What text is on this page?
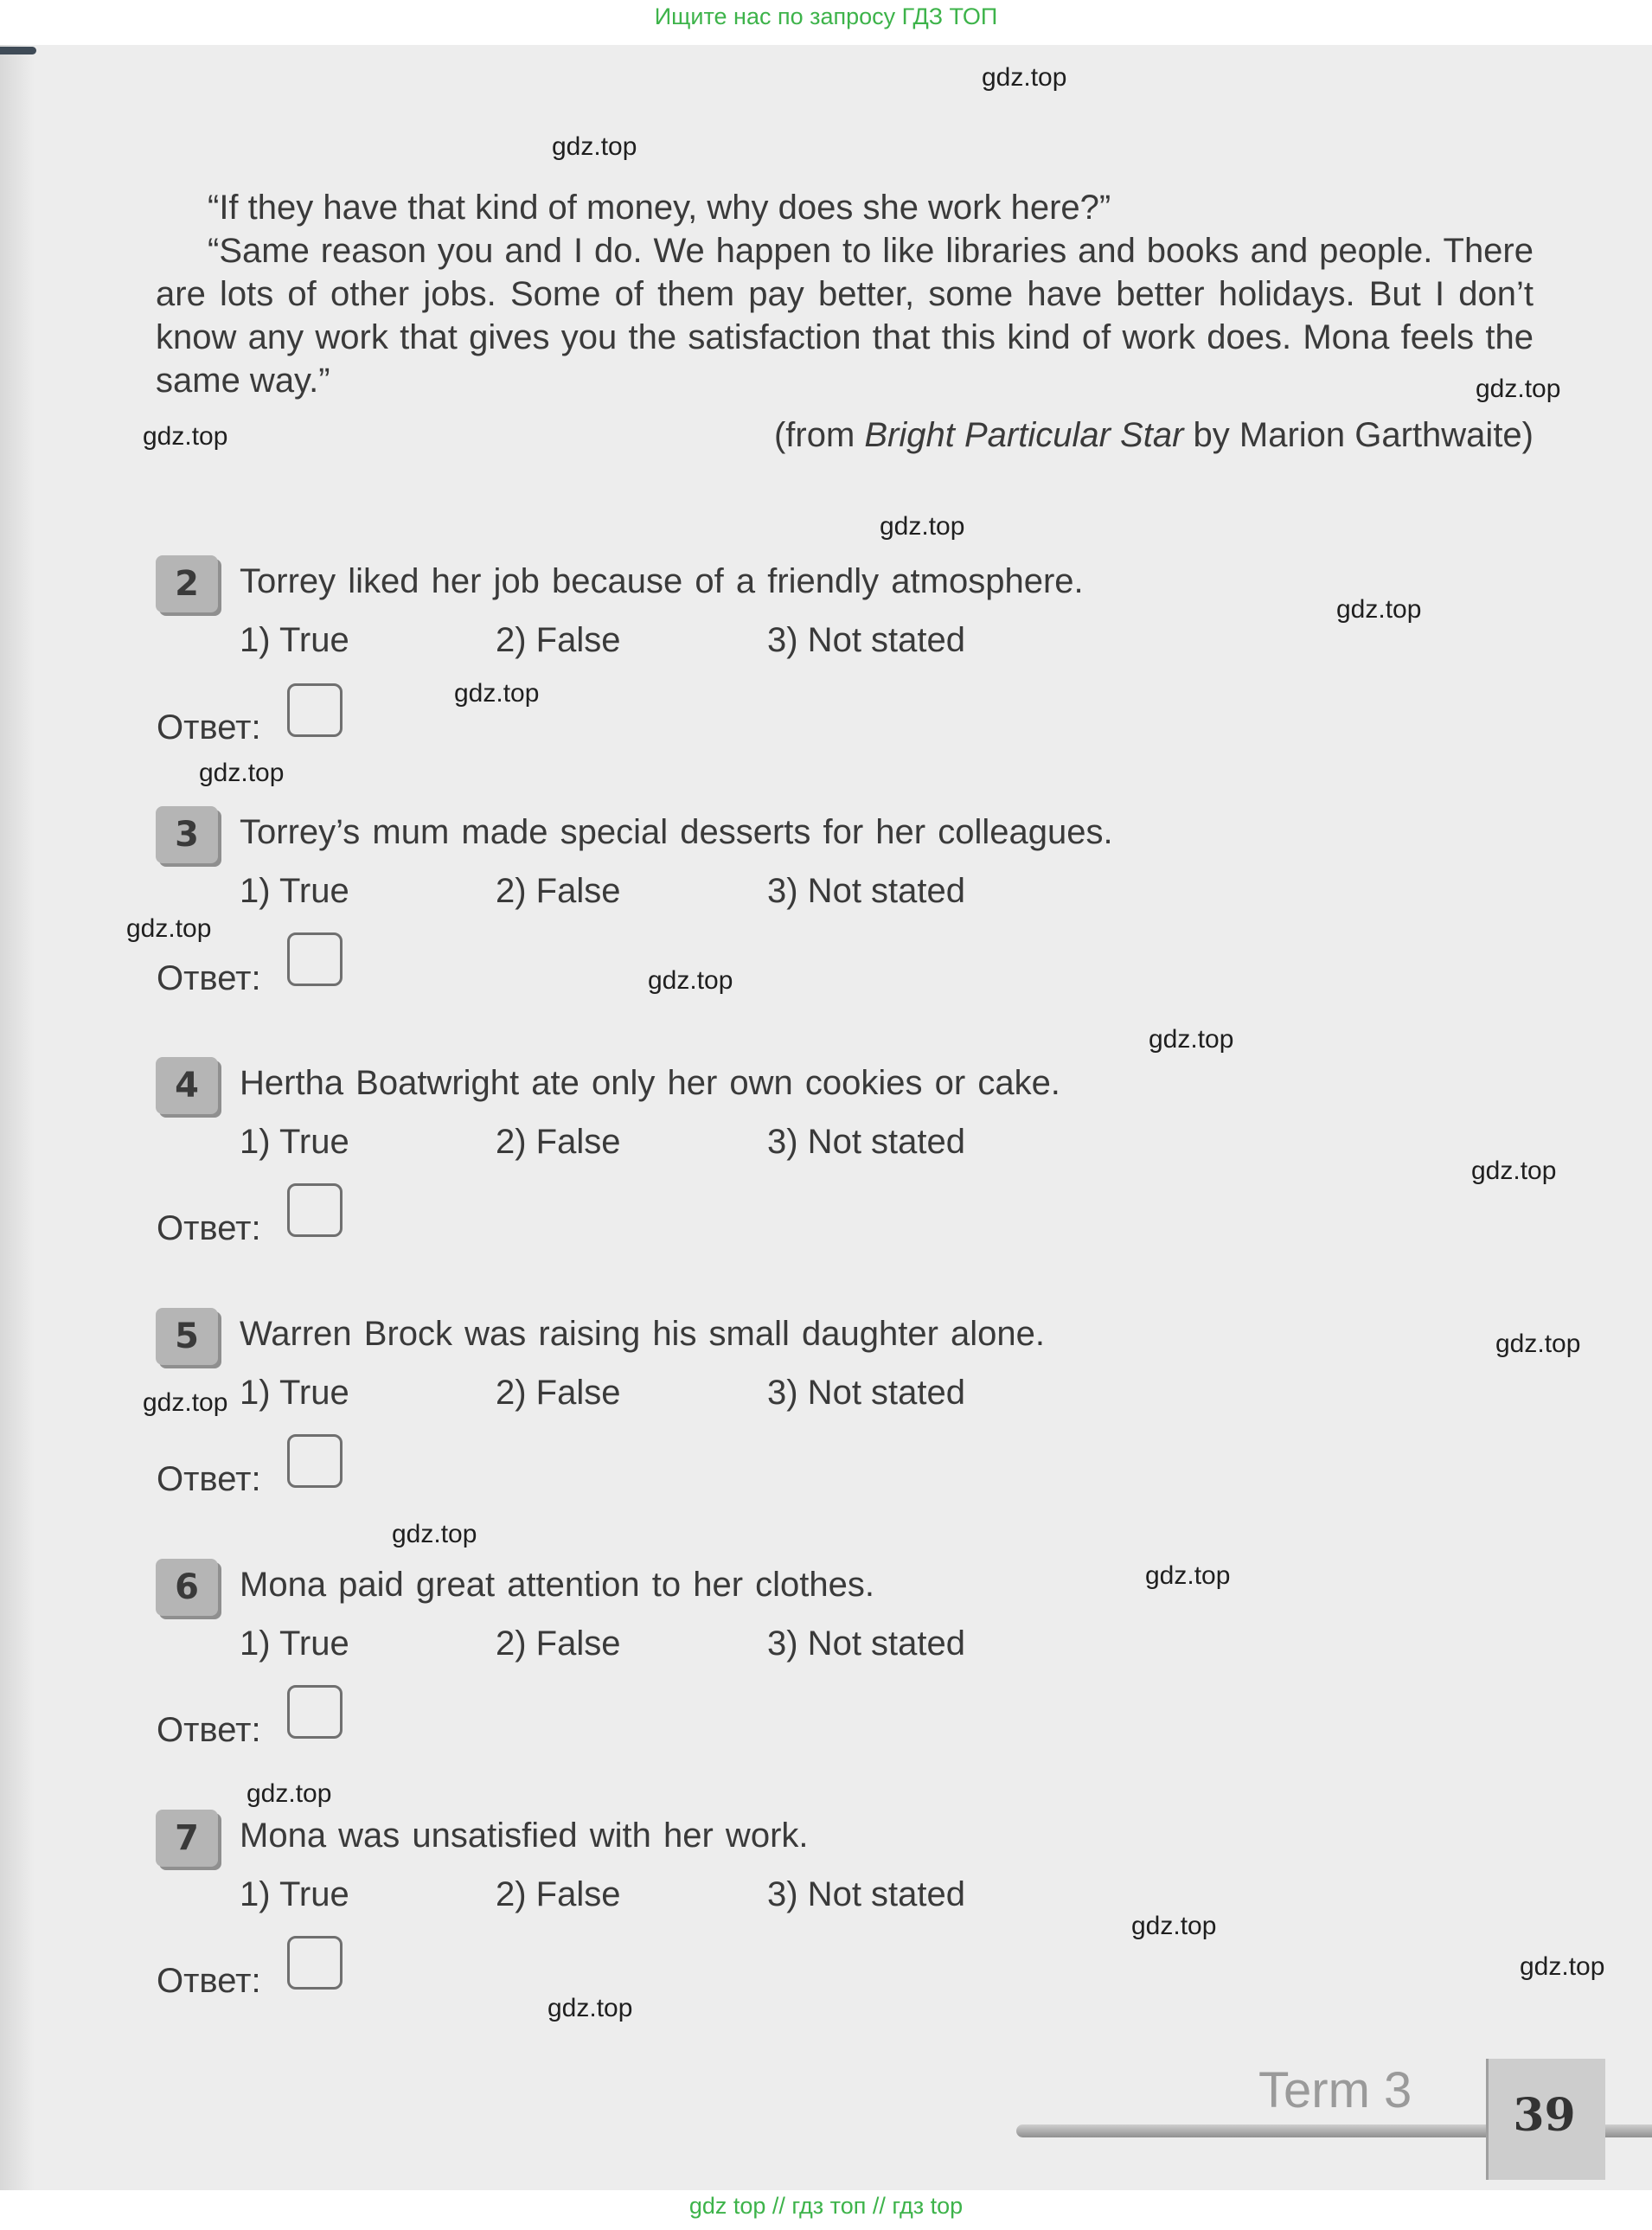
Ищите нас по запросу ГДЗ ТОП
gdz.top
gdz.top
gdz.top
gdz.top
gdz.top
gdz.top
gdz.top
gdz.top
gdz.top
gdz.top
gdz.top
gdz.top
gdz.top
gdz.top
gdz.top
gdz.top
gdz.top
gdz.top
gdz.top
gdz.top
“If they have that kind of money, why does she work here?”
“Same reason you and I do. We happen to like libraries and books and people. There are lots of other jobs. Some of them pay better, some have better holidays. But I don’t know any work that gives you the satisfaction that this kind of work does. Mona feels the same way.”
(from Bright Particular Star by Marion Garthwaite)
2	Torrey liked her job because of a friendly atmosphere.
1) True	2) False	3) Not stated
Ответ:
3	Torrey’s mum made special desserts for her colleagues.
1) True	2) False	3) Not stated
Ответ:
4	Hertha Boatwright ate only her own cookies or cake.
1) True	2) False	3) Not stated
Ответ:
5	Warren Brock was raising his small daughter alone.
1) True	2) False	3) Not stated
Ответ:
6	Mona paid great attention to her clothes.
1) True	2) False	3) Not stated
Ответ:
7	Mona was unsatisfied with her work.
1) True	2) False	3) Not stated
Ответ:
Term 3	39
gdz top // гдз топ // гдз top
